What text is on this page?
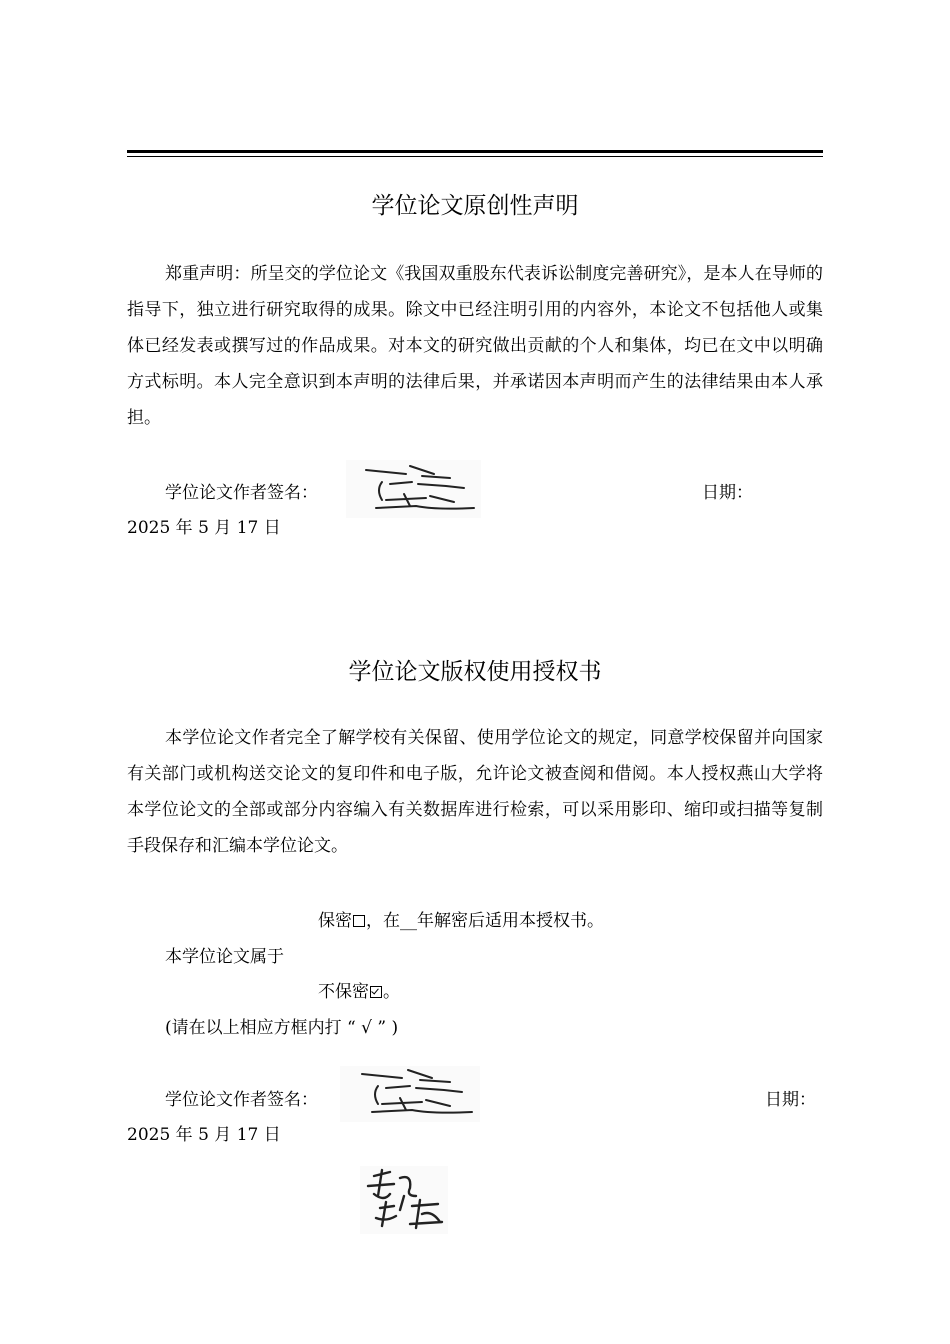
学位论文原创性声明

郑重声明：所呈交的学位论文《我国双重股东代表诉讼制度完善研究》，是本人在导师的指导下，独立进行研究取得的成果。除文中已经注明引用的内容外，本论文不包括他人或集体已经发表或撰写过的作品成果。对本文的研究做出贡献的个人和集体，均已在文中以明确方式标明。本人完全意识到本声明的法律后果，并承诺因本声明而产生的法律结果由本人承担。

学位论文作者签名：	日期：
2025 年 5 月 17 日
学位论文版权使用授权书

本学位论文作者完全了解学校有关保留、使用学位论文的规定，同意学校保留并向国家有关部门或机构送交论文的复印件和电子版，允许论文被查阅和借阅。本人授权燕山大学将本学位论文的全部或部分内容编入有关数据库进行检索，可以采用影印、缩印或扫描等复制手段保存和汇编本学位论文。

保密 ，在__年解密后适用本授权书。
本学位论文属于
不保密 。
(请在以上相应方框内打 “ √ ” )
学位论文作者签名：	日期：
2025 年 5 月 17 日
